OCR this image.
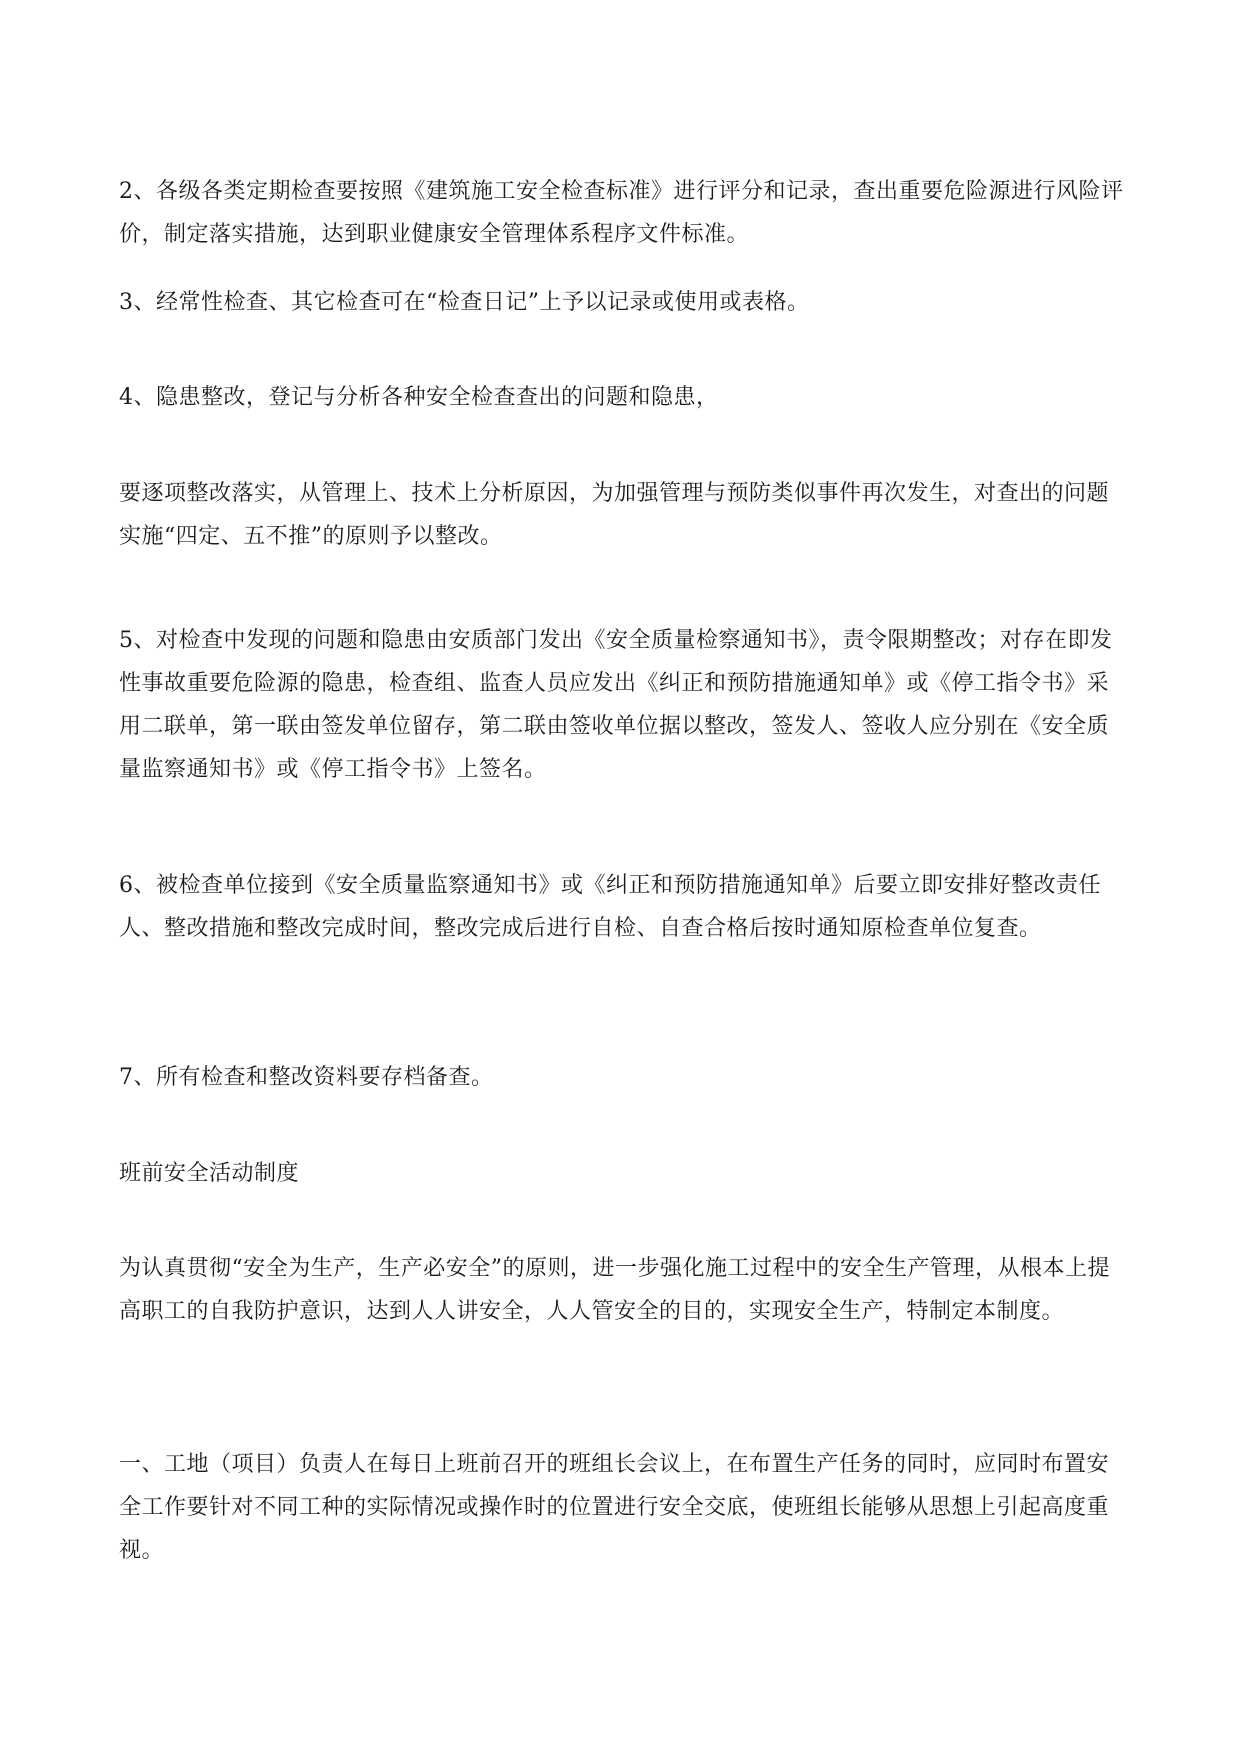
2、各级各类定期检查要按照《建筑施工安全检查标准》进行评分和记录，查出重要危险源进行风险评价，制定落实措施，达到职业健康安全管理体系程序文件标准。

3、经常性检查、其它检查可在“检查日记”上予以记录或使用或表格。

4、隐患整改，登记与分析各种安全检查查出的问题和隐患，

要逐项整改落实，从管理上、技术上分析原因，为加强管理与预防类似事件再次发生，对查出的问题实施“四定、五不推”的原则予以整改。

5、对检查中发现的问题和隐患由安质部门发出《安全质量检察通知书》，责令限期整改；对存在即发性事故重要危险源的隐患，检查组、监查人员应发出《纠正和预防措施通知单》或《停工指令书》采用二联单，第一联由签发单位留存，第二联由签收单位据以整改，签发人、签收人应分别在《安全质量监察通知书》或《停工指令书》上签名。

6、被检查单位接到《安全质量监察通知书》或《纠正和预防措施通知单》后要立即安排好整改责任人、整改措施和整改完成时间，整改完成后进行自检、自查合格后按时通知原检查单位复查。

7、所有检查和整改资料要存档备查。

班前安全活动制度

为认真贯彻“安全为生产，生产必安全”的原则，进一步强化施工过程中的安全生产管理，从根本上提高职工的自我防护意识，达到人人讲安全，人人管安全的目的，实现安全生产，特制定本制度。

一、工地（项目）负责人在每日上班前召开的班组长会议上，在布置生产任务的同时，应同时布置安全工作要针对不同工种的实际情况或操作时的位置进行安全交底，使班组长能够从思想上引起高度重视。
